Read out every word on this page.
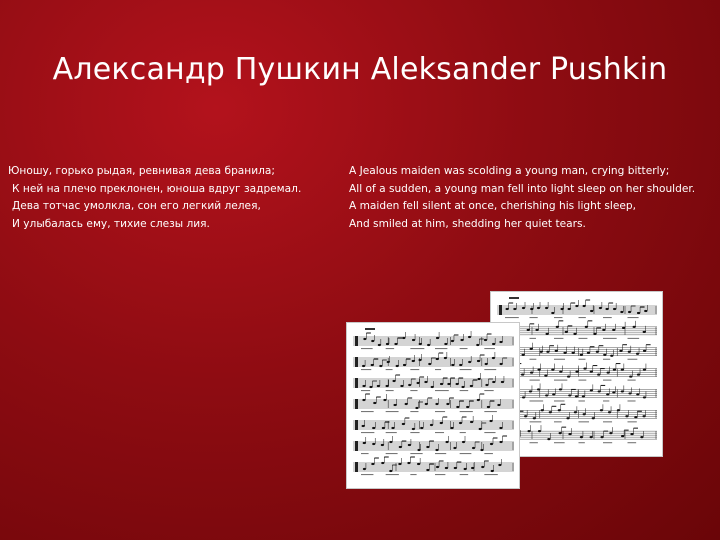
Александр Пушкин Aleksander Pushkin
Юношу, горько рыдая, ревнивая дева бранила;
К ней на плечо преклонен, юноша вдруг задремал.
Дева тотчас умолкла, сон его легкий лелея,
И улыбалась ему, тихие слезы лия.
A Jealous maiden was scolding a young man, crying bitterly;
All of a sudden, a young man fell into light sleep on her shoulder.
A maiden fell silent at once, cherishing his light sleep,
And smiled at him, shedding her quiet tears.
